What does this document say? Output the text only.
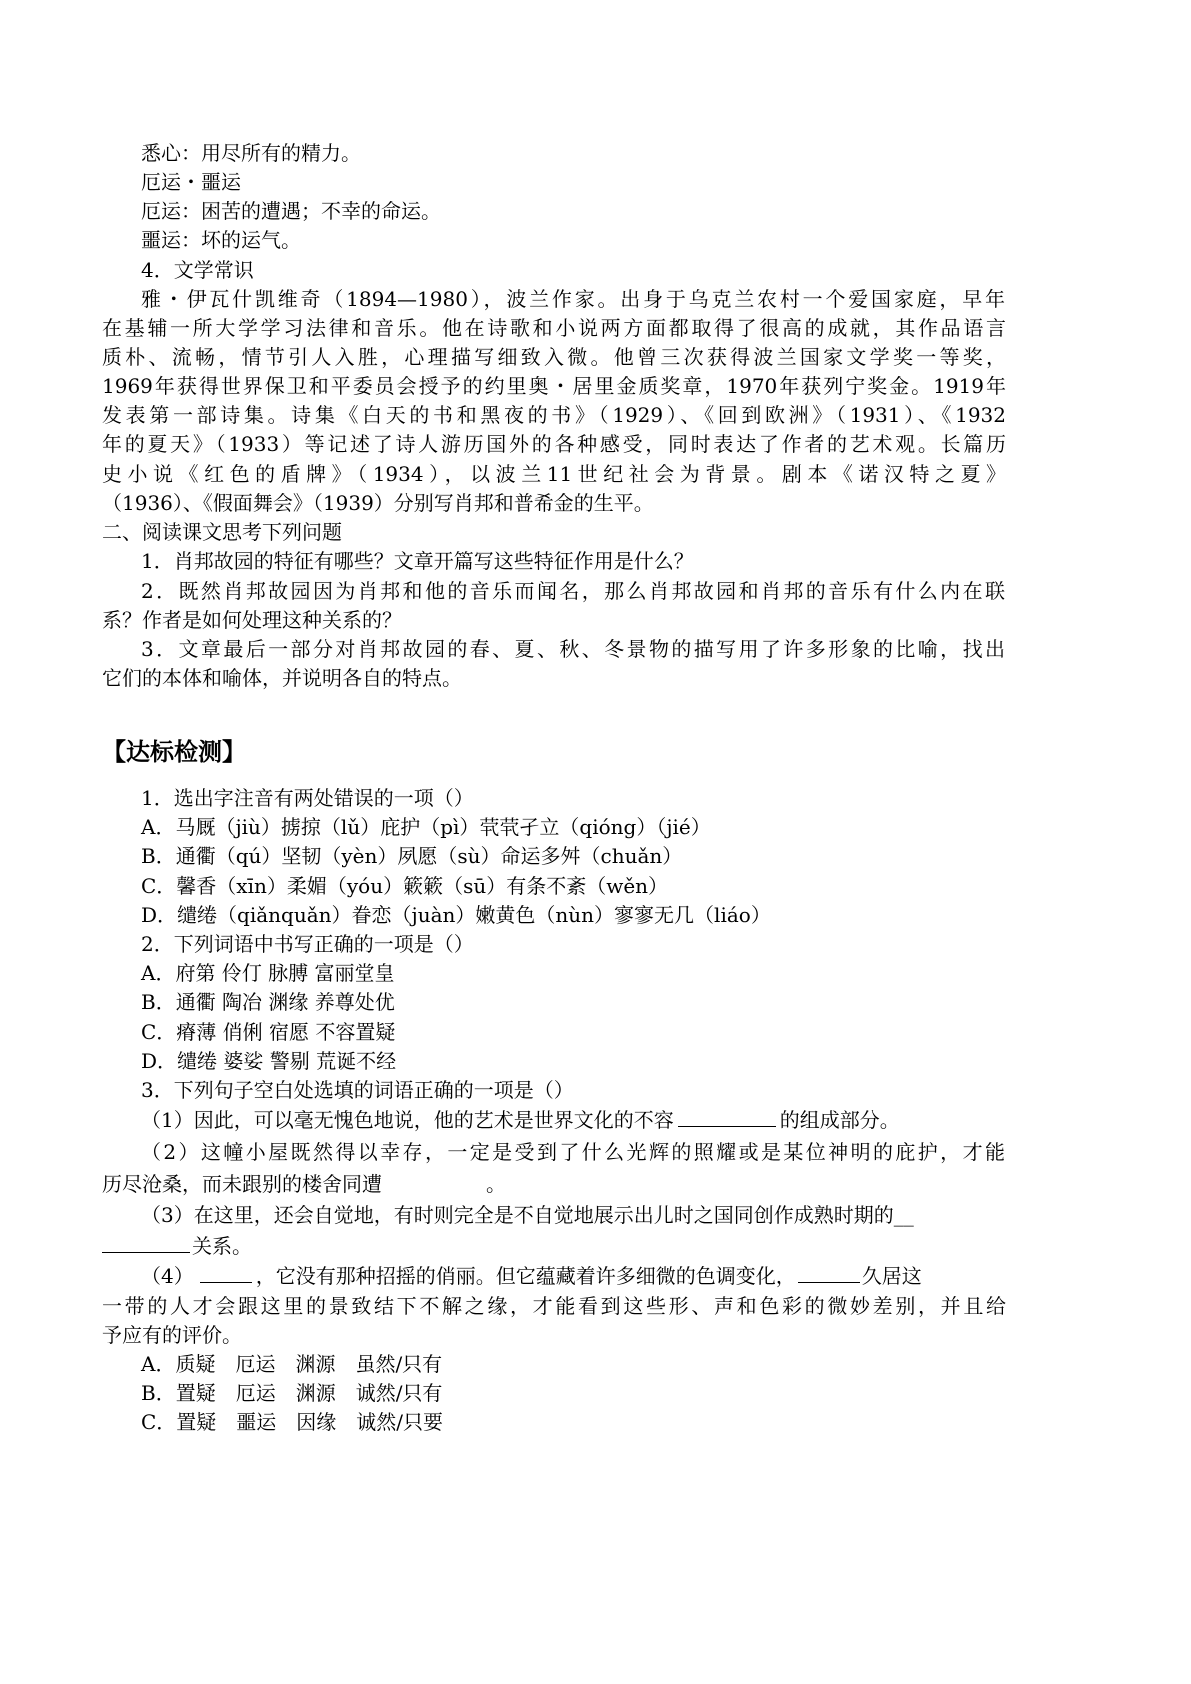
悉心：用尽所有的精力。
厄运・噩运
厄运：困苦的遭遇；不幸的命运。
噩运：坏的运气。
4．文学常识
雅・伊瓦什凯维奇（1894—1980），波兰作家。出身于乌克兰农村一个爱国家庭，早年
在基辅一所大学学习法律和音乐。他在诗歌和小说两方面都取得了很高的成就，其作品语言
质朴、流畅，情节引人入胜，心理描写细致入微。他曾三次获得波兰国家文学奖一等奖，
1969年获得世界保卫和平委员会授予的约里奥・居里金质奖章，1970年获列宁奖金。1919年
发表第一部诗集。诗集《白天的书和黑夜的书》（1929）、《回到欧洲》（1931）、《1932
年的夏天》（1933）等记述了诗人游历国外的各种感受，同时表达了作者的艺术观。长篇历
史小说《红色的盾牌》（1934），以波兰11世纪社会为背景。剧本《诺汉特之夏》
（1936）、《假面舞会》（1939）分别写肖邦和普希金的生平。
二、阅读课文思考下列问题
1．肖邦故园的特征有哪些？文章开篇写这些特征作用是什么？
2．既然肖邦故园因为肖邦和他的音乐而闻名，那么肖邦故园和肖邦的音乐有什么内在联
系？作者是如何处理这种关系的？
3．文章最后一部分对肖邦故园的春、夏、秋、冬景物的描写用了许多形象的比喻，找出
它们的本体和喻体，并说明各自的特点。
【达标检测】
1．选出字注音有两处错误的一项（）
A．马厩（jiù）掳掠（lǔ）庇护（pì）茕茕孑立（qióng）（jié）
B．通衢（qú）坚韧（yèn）夙愿（sù）命运多舛（chuǎn）
C．馨香（xīn）柔媚（yóu）簌簌（sū）有条不紊（wěn）
D．缱绻（qiǎnquǎn）眷恋（juàn）嫩黄色（nùn）寥寥无几（liáo）
2．下列词语中书写正确的一项是（）
A．府第 伶仃 脉膊 富丽堂皇
B．通衢 陶冶 渊缘 养尊处优
C．瘠薄 俏俐 宿愿 不容置疑
D．缱绻 婆娑 警剔 荒诞不经
3．下列句子空白处选填的词语正确的一项是（）
（1）因此，可以毫无愧色地说，他的艺术是世界文化的不容	的组成部分。
（2）这幢小屋既然得以幸存，一定是受到了什么光辉的照耀或是某位神明的庇护，才能
历尽沧桑，而未跟别的楼舍同遭	。
（3）在这里，还会自觉地，有时则完全是不自觉地展示出儿时之国同创作成熟时期的__
关系。
（4）	，它没有那种招摇的俏丽。但它蕴藏着许多细微的色调变化，	久居这
一带的人才会跟这里的景致结下不解之缘，才能看到这些形、声和色彩的微妙差别，并且给
予应有的评价。
A．质疑　厄运　渊源　虽然/只有
B．置疑　厄运　渊源　诚然/只有
C．置疑　噩运　因缘　诚然/只要
